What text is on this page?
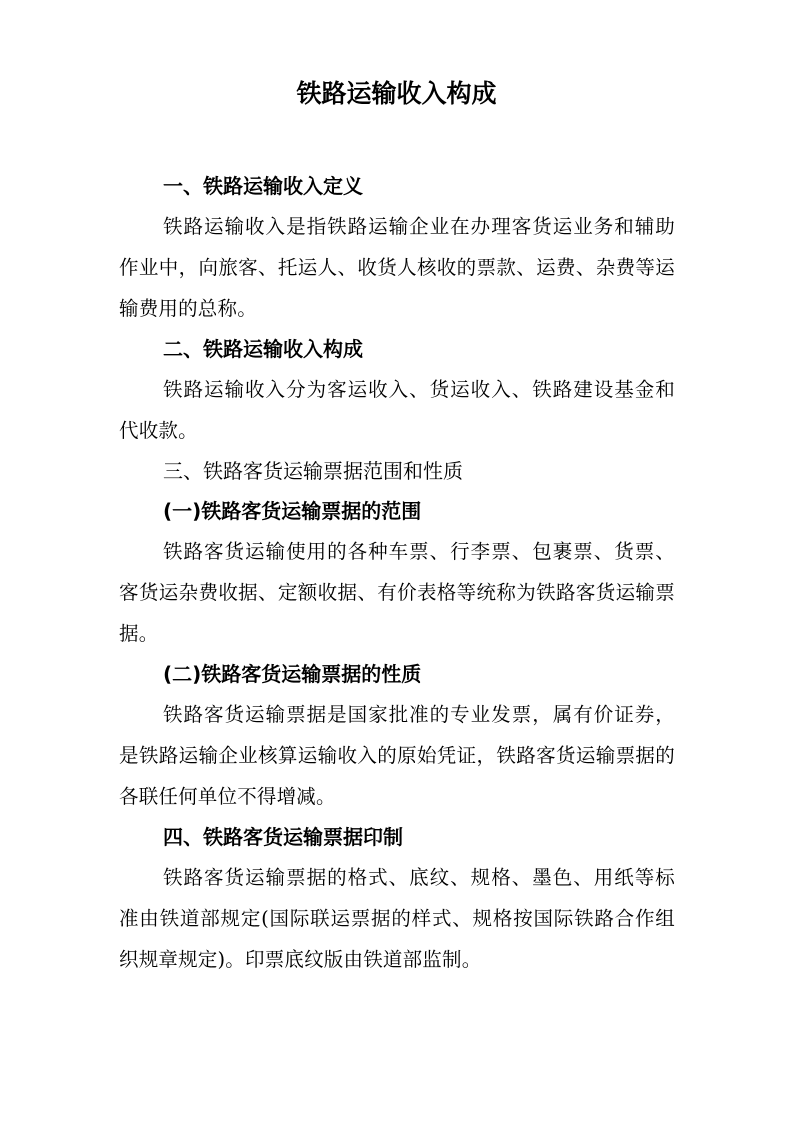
铁路运输收入构成
一、铁路运输收入定义

铁路运输收入是指铁路运输企业在办理客货运业务和辅助作业中，向旅客、托运人、收货人核收的票款、运费、杂费等运输费用的总称。

二、铁路运输收入构成

铁路运输收入分为客运收入、货运收入、铁路建设基金和代收款。

三、铁路客货运输票据范围和性质
(一)铁路客货运输票据的范围

铁路客货运输使用的各种车票、行李票、包裹票、货票、客货运杂费收据、定额收据、有价表格等统称为铁路客货运输票据。

(二)铁路客货运输票据的性质

铁路客货运输票据是国家批准的专业发票，属有价证券，是铁路运输企业核算运输收入的原始凭证，铁路客货运输票据的各联任何单位不得增减。

四、铁路客货运输票据印制

铁路客货运输票据的格式、底纹、规格、墨色、用纸等标准由铁道部规定(国际联运票据的样式、规格按国际铁路合作组织规章规定)。印票底纹版由铁道部监制。
